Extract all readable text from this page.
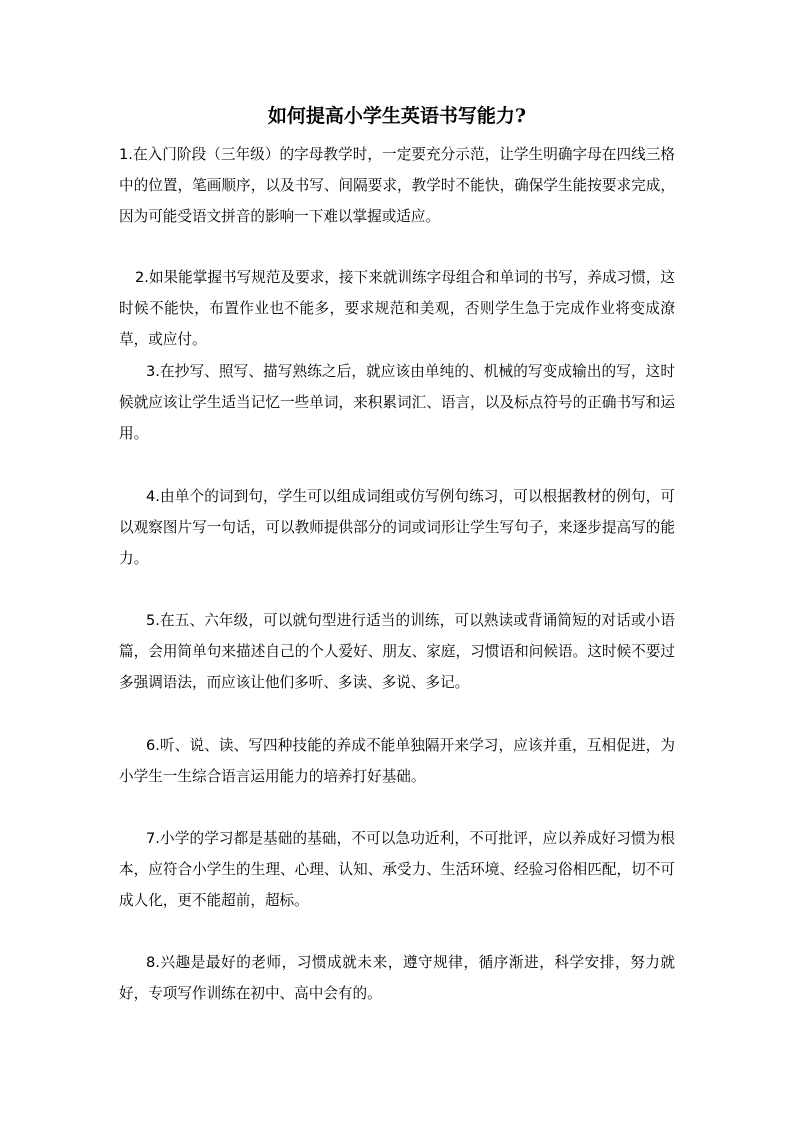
如何提高小学生英语书写能力?
1.在入门阶段（三年级）的字母教学时，一定要充分示范，让学生明确字母在四线三格中的位置，笔画顺序，以及书写、间隔要求，教学时不能快，确保学生能按要求完成，因为可能受语文拼音的影响一下难以掌握或适应。
2.如果能掌握书写规范及要求，接下来就训练字母组合和单词的书写，养成习惯，这时候不能快，布置作业也不能多，要求规范和美观，否则学生急于完成作业将变成潦草，或应付。
3.在抄写、照写、描写熟练之后，就应该由单纯的、机械的写变成输出的写，这时候就应该让学生适当记忆一些单词，来积累词汇、语言，以及标点符号的正确书写和运用。
4.由单个的词到句，学生可以组成词组或仿写例句练习，可以根据教材的例句，可以观察图片写一句话，可以教师提供部分的词或词形让学生写句子，来逐步提高写的能力。
5.在五、六年级，可以就句型进行适当的训练，可以熟读或背诵简短的对话或小语篇，会用简单句来描述自己的个人爱好、朋友、家庭，习惯语和问候语。这时候不要过多强调语法，而应该让他们多听、多读、多说、多记。
6.听、说、读、写四种技能的养成不能单独隔开来学习，应该并重，互相促进，为小学生一生综合语言运用能力的培养打好基础。
7.小学的学习都是基础的基础，不可以急功近利，不可批评，应以养成好习惯为根本，应符合小学生的生理、心理、认知、承受力、生活环境、经验习俗相匹配，切不可成人化，更不能超前，超标。
8.兴趣是最好的老师，习惯成就未来，遵守规律，循序渐进，科学安排，努力就好，专项写作训练在初中、高中会有的。
